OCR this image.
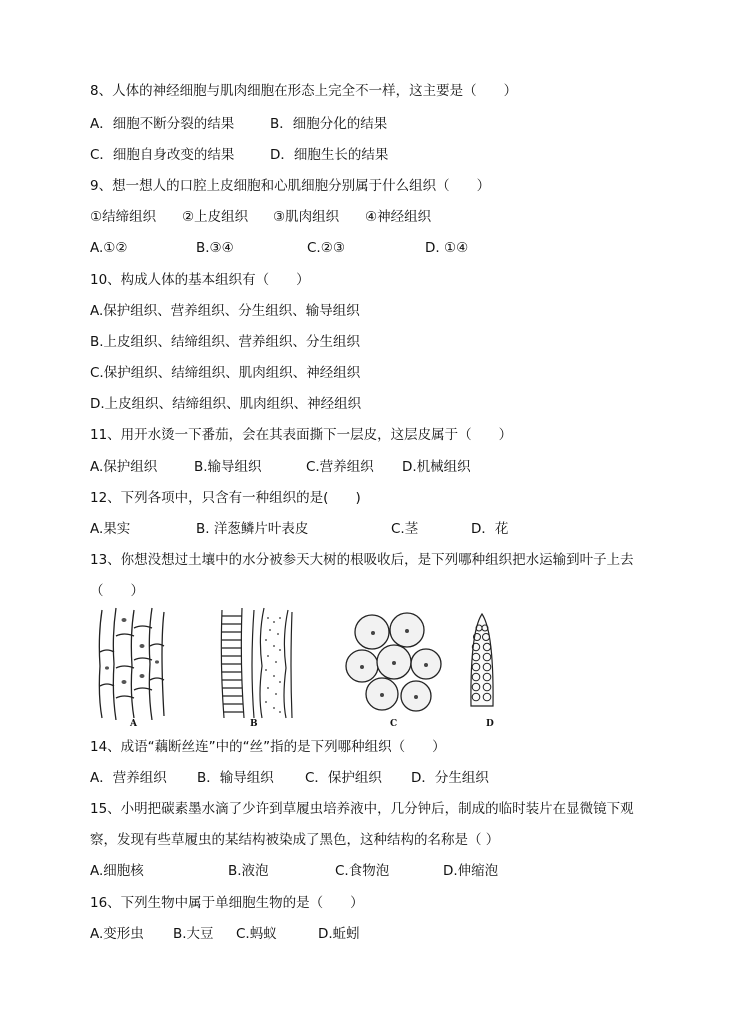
8、人体的神经细胞与肌肉细胞在形态上完全不一样，这主要是（　　）
A．细胞不断分裂的结果	B．细胞分化的结果
C．细胞自身改变的结果	D．细胞生长的结果
9、想一想人的口腔上皮细胞和心肌细胞分别属于什么组织（　　）
①结缔组织 ②上皮组织 ③肌肉组织 ④神经组织
A.①②	B.③④	C.②③	D. ①④
10、构成人体的基本组织有（　　）
A.保护组织、营养组织、分生组织、输导组织
B.上皮组织、结缔组织、营养组织、分生组织
C.保护组织、结缔组织、肌肉组织、神经组织
D.上皮组织、结缔组织、肌肉组织、神经组织
11、用开水烫一下番茄，会在其表面撕下一层皮，这层皮属于（　　）
A.保护组织	B.输导组织	C.营养组织 D.机械组织
12、下列各项中，只含有一种组织的是(　　)
A.果实	B. 洋葱鳞片叶表皮	C.茎	D．花
13、你想没想过土壤中的水分被参天大树的根吸收后，是下列哪种组织把水运输到叶子上去
（　　）
A	B	C	D
14、成语“藕断丝连”中的“丝”指的是下列哪种组织（　　）
A．营养组织 B．输导组织 C．保护组织 D．分生组织
15、小明把碳素墨水滴了少许到草履虫培养液中，几分钟后，制成的临时装片在显微镜下观
察，发现有些草履虫的某结构被染成了黑色，这种结构的名称是（ ）
A.细胞核	B.液泡	C.食物泡	D.伸缩泡
16、下列生物中属于单细胞生物的是（　　）
A.变形虫 B.大豆 C.蚂蚁	D.蚯蚓
